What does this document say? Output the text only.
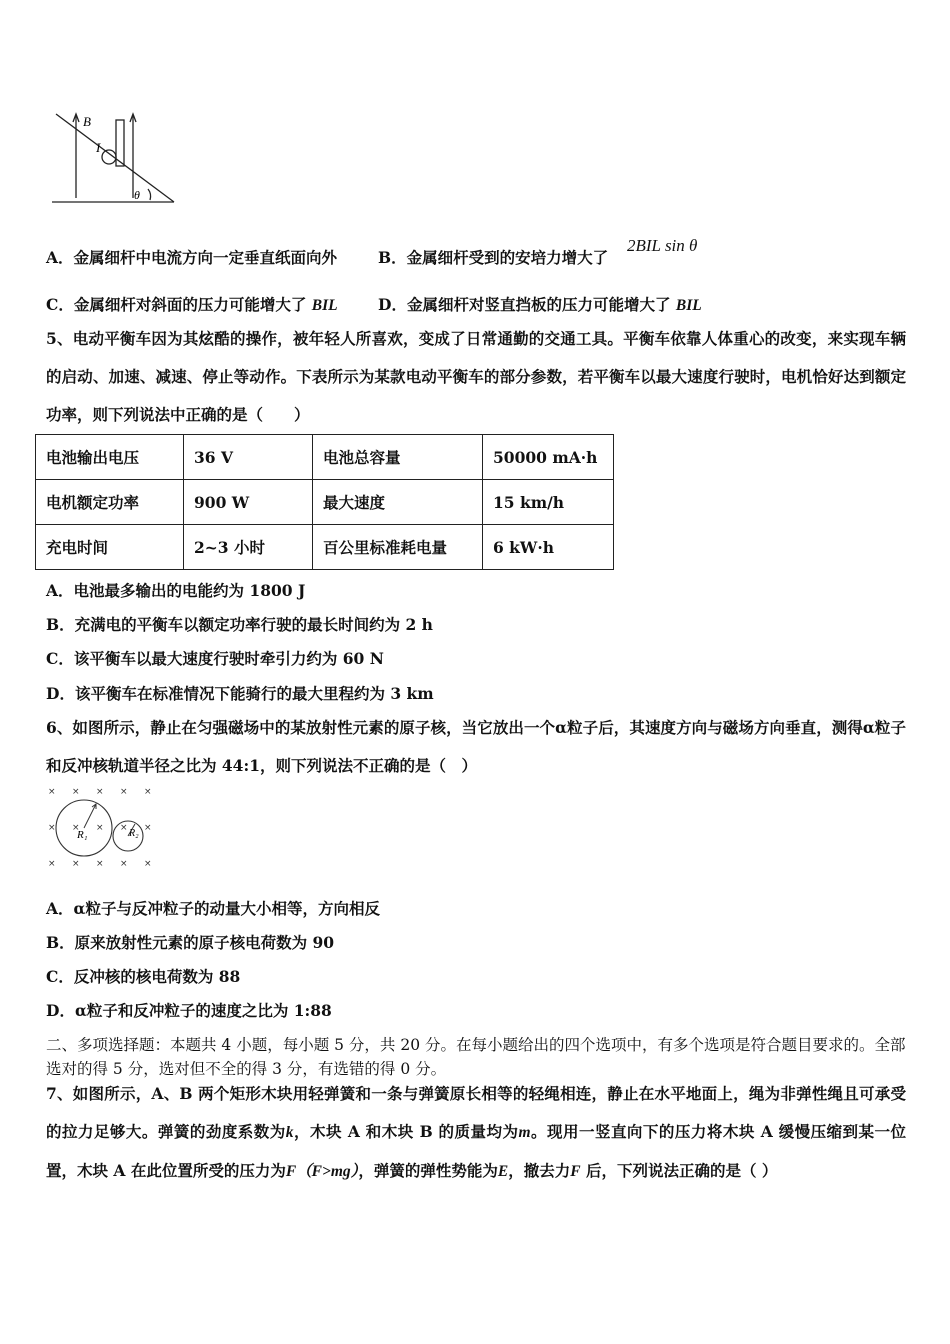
B
I
θ
A．金属细杆中电流方向一定垂直纸面向外	B．金属细杆受到的安培力增大了
2BIL sin θ
C．金属细杆对斜面的压力可能增大了 BIL	D．金属细杆对竖直挡板的压力可能增大了 BIL
5、电动平衡车因为其炫酷的操作，被年轻人所喜欢，变成了日常通勤的交通工具。平衡车依靠人体重心的改变，来实现车辆的启动、加速、减速、停止等动作。下表所示为某款电动平衡车的部分参数，若平衡车以最大速度行驶时，电机恰好达到额定功率，则下列说法中正确的是（　　）
电池输出电压	36 V	电池总容量	50000 mA·h
电机额定功率	900 W	最大速度	15 km/h
充电时间	2~3 小时	百公里标准耗电量	6 kW·h
A．电池最多输出的电能约为 1800 J
B．充满电的平衡车以额定功率行驶的最长时间约为 2 h
C．该平衡车以最大速度行驶时牵引力约为 60 N
D．该平衡车在标准情况下能骑行的最大里程约为 3 km
6、如图所示，静止在匀强磁场中的某放射性元素的原子核，当它放出一个α粒子后，其速度方向与磁场方向垂直，测得α粒子和反冲核轨道半径之比为 44:1，则下列说法不正确的是（　）
× × × × ×
× × × × ×
× × × × ×
R₁	R₂
A．α粒子与反冲粒子的动量大小相等，方向相反
B．原来放射性元素的原子核电荷数为 90
C．反冲核的核电荷数为 88
D．α粒子和反冲粒子的速度之比为 1:88
二、多项选择题：本题共 4 小题，每小题 5 分，共 20 分。在每小题给出的四个选项中，有多个选项是符合题目要求的。全部选对的得 5 分，选对但不全的得 3 分，有选错的得 0 分。
7、如图所示，A、B 两个矩形木块用轻弹簧和一条与弹簧原长相等的轻绳相连，静止在水平地面上，绳为非弹性绳且可承受的拉力足够大。弹簧的劲度系数为k，木块 A 和木块 B 的质量均为m。现用一竖直向下的压力将木块 A 缓慢压缩到某一位置，木块 A 在此位置所受的压力为F（F>mg），弹簧的弹性势能为E，撤去力F 后，下列说法正确的是（ ）
